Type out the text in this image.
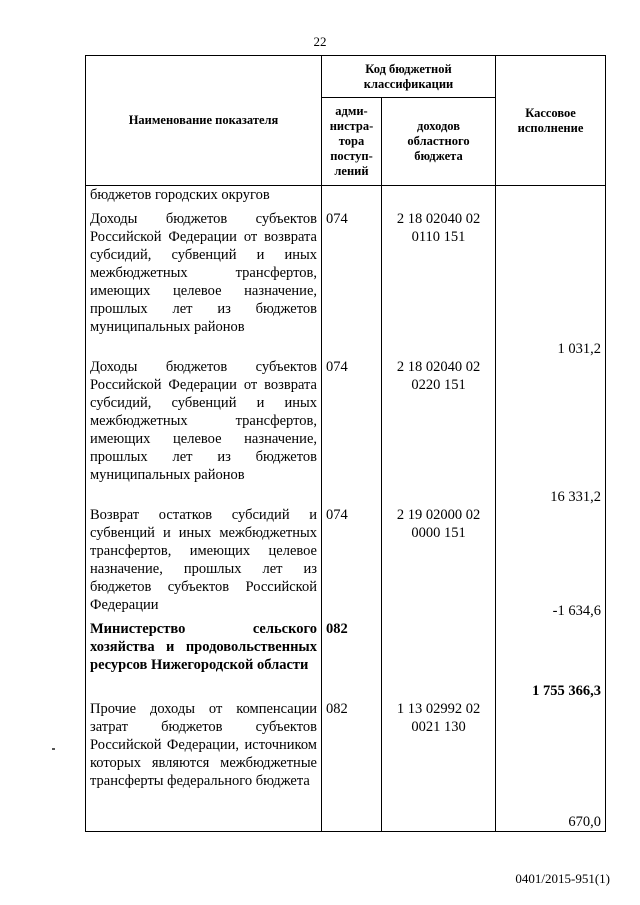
22
Наименование показателя	Код бюджетной классификации		Кассовое исполнение
	адми-нистра-тора поступ-лений	доходов областного бюджета	
бюджетов городских округов			
Доходы бюджетов субъектов Российской Федерации от возврата субсидий, субвенций и иных межбюджетных трансфертов, имеющих целевое назначение, прошлых лет из бюджетов муниципальных районов	074	2 18 02040 02 0110 151	1 031,2
Доходы бюджетов субъектов Российской Федерации от возврата субсидий, субвенций и иных межбюджетных трансфертов, имеющих целевое назначение, прошлых лет из бюджетов муниципальных районов	074	2 18 02040 02 0220 151	16 331,2
Возврат остатков субсидий и субвенций и иных межбюджетных трансфертов, имеющих целевое назначение, прошлых лет из бюджетов субъектов Российской Федерации	074	2 19 02000 02 0000 151	-1 634,6
Министерство сельского хозяйства и продовольственных ресурсов Нижегородской области	082		1 755 366,3
Прочие доходы от компенсации затрат бюджетов субъектов Российской Федерации, источником которых являются межбюджетные трансферты федерального бюджета	082	1 13 02992 02 0021 130	670,0
0401/2015-951(1)
